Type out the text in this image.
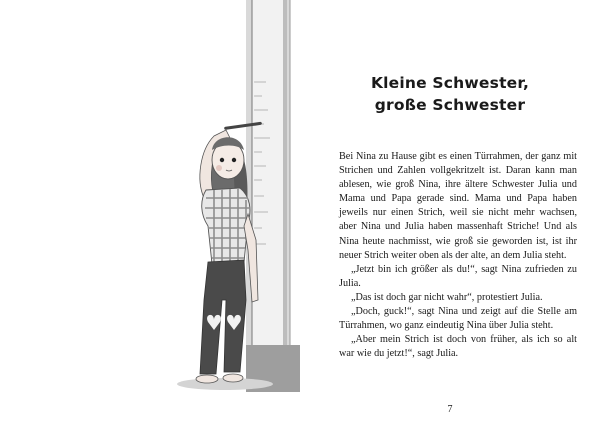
Kleine Schwester,
große Schwester

Bei Nina zu Hause gibt es einen Türrahmen, der ganz mit Strichen und Zahlen vollgekritzelt ist. Daran kann man ablesen, wie groß Nina, ihre ältere Schwester Julia und Mama und Papa gerade sind. Mama und Papa haben jeweils nur einen Strich, weil sie nicht mehr wachsen, aber Nina und Julia haben massenhaft Striche! Und als Nina heute nachmisst, wie groß sie geworden ist, ist ihr neuer Strich weiter oben als der alte, an dem Julia steht.

„Jetzt bin ich größer als du!“, sagt Nina zufrieden zu Julia.

„Das ist doch gar nicht wahr“, protestiert Julia.

„Doch, guck!“, sagt Nina und zeigt auf die Stelle am Türrahmen, wo ganz eindeutig Nina über Julia steht.

„Aber mein Strich ist doch von früher, als ich so alt war wie du jetzt!“, sagt Julia.

7
